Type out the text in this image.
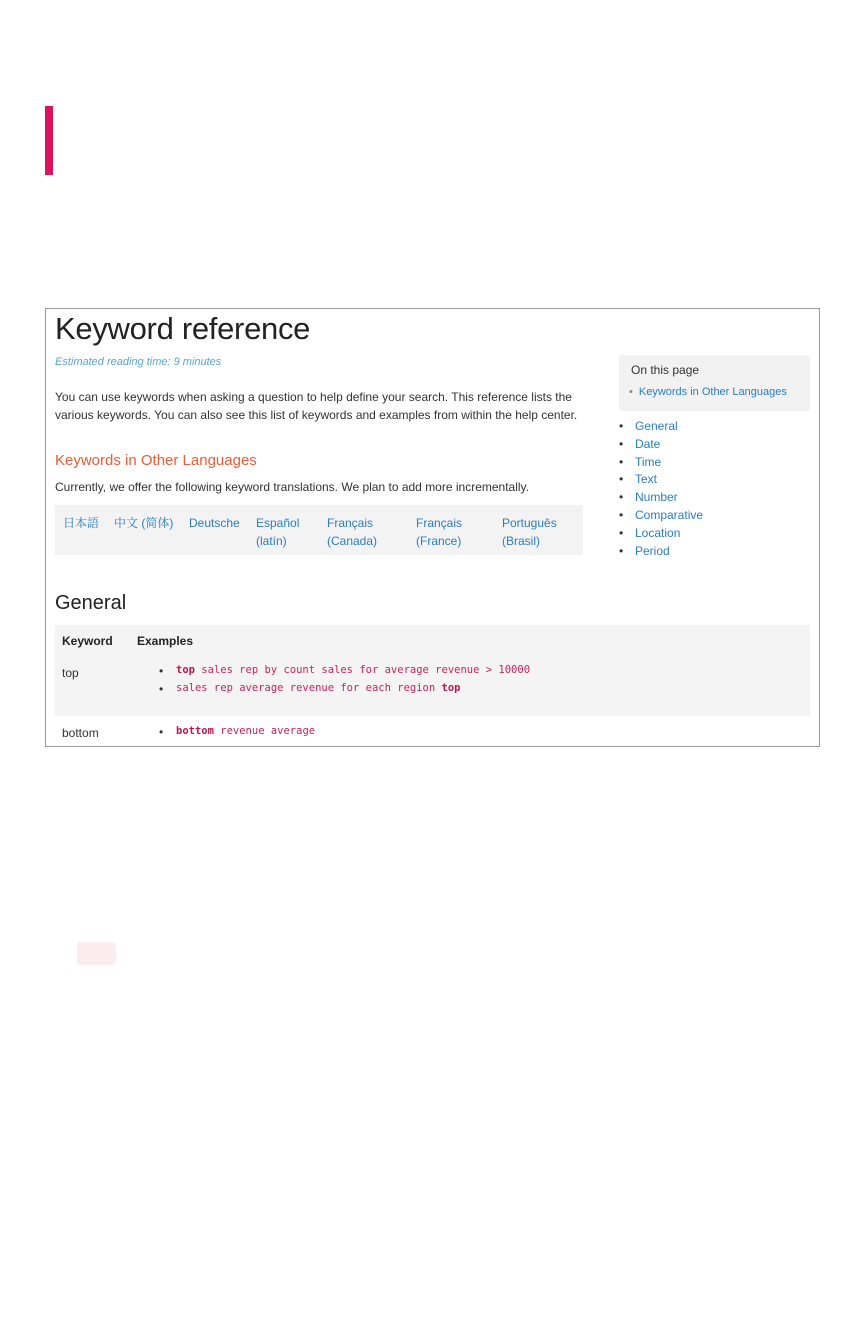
Keyword reference
Estimated reading time: 9 minutes

You can use keywords when asking a question to help define your search. This reference lists the various keywords. You can also see this list of keywords and examples from within the help center.

Keywords in Other Languages

Currently, we offer the following keyword translations. We plan to add more incrementally.

日本語	中文 (简体)	Deutsche	Español (latín)
Français (Canada)
Français (France)
Português (Brasil)
On this page
• Keywords in Other Languages
• General
• Date
• Time
• Text
• Number
• Comparative
• Location
• Period
General
Keyword Examples
top	• top sales rep by count sales for average revenue > 10000
• sales rep average revenue for each region top
bottom	• bottom revenue average
